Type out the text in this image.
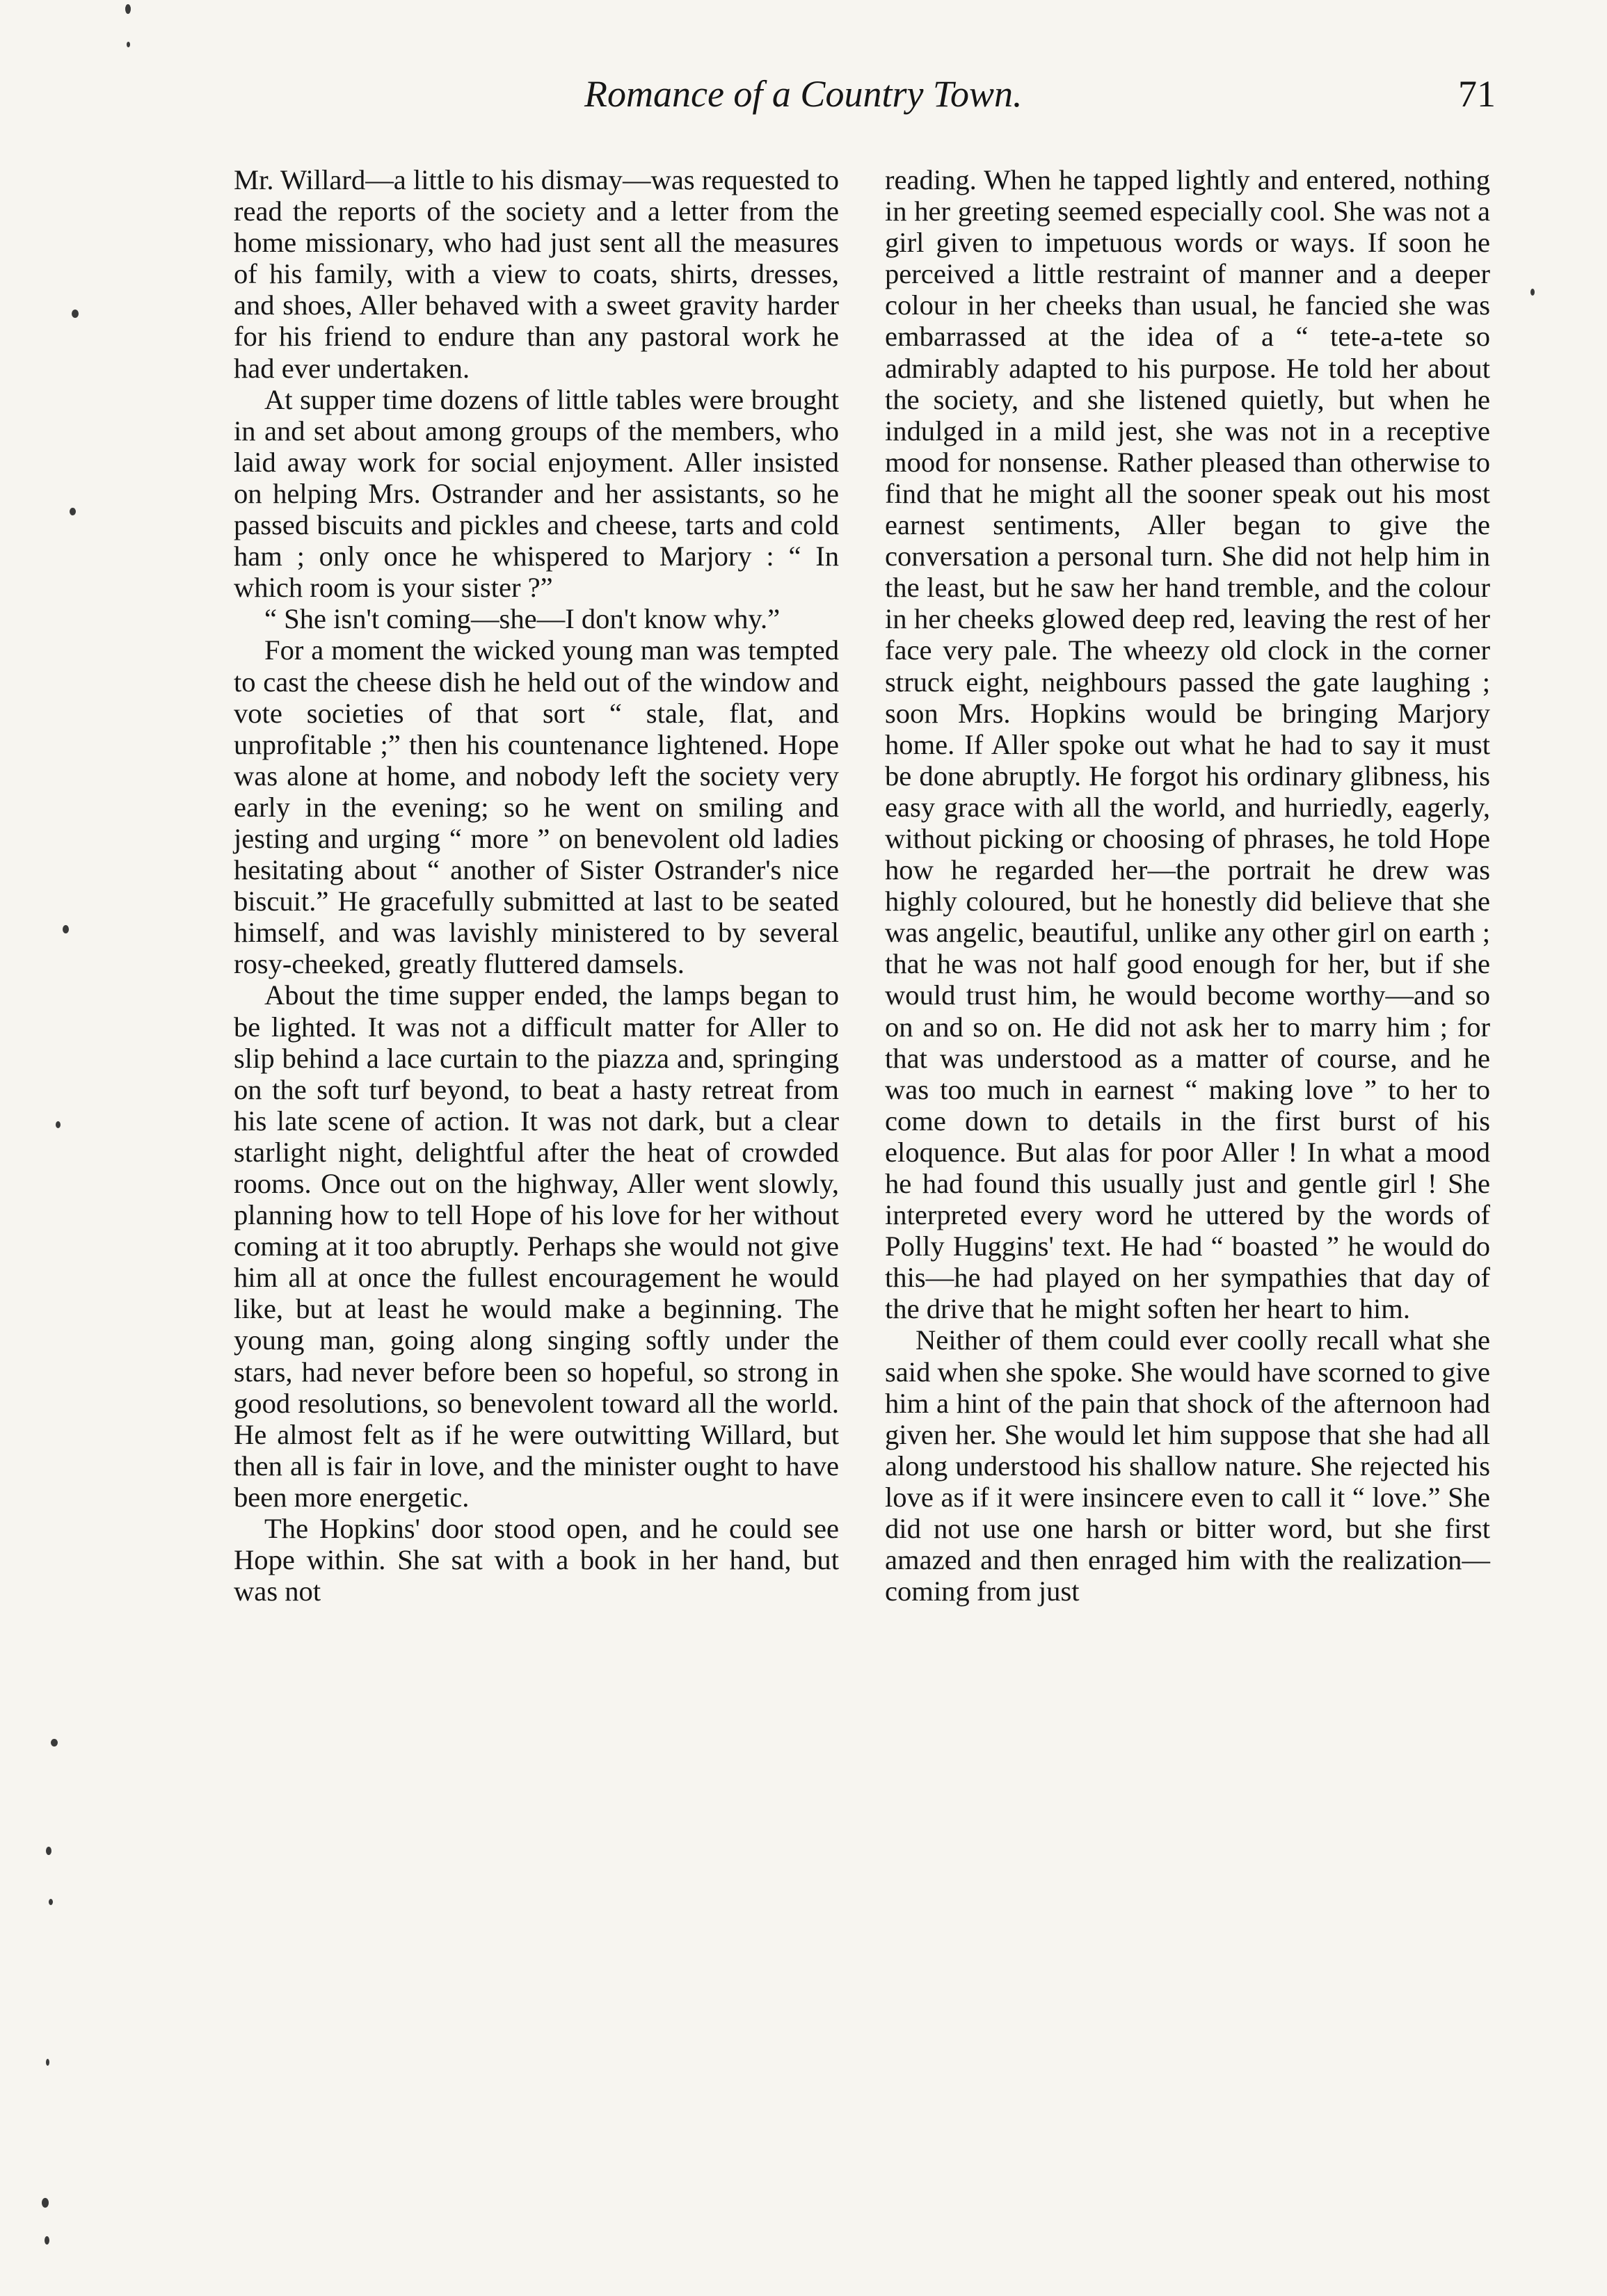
Romance of a Country Town.	71

Mr. Willard—a little to his dismay—was requested to read the reports of the society and a letter from the home missionary, who had just sent all the measures of his family, with a view to coats, shirts, dresses, and shoes, Aller behaved with a sweet gravity harder for his friend to endure than any pastoral work he had ever undertaken.

At supper time dozens of little tables were brought in and set about among groups of the members, who laid away work for social enjoyment. Aller insisted on helping Mrs. Ostrander and her assistants, so he passed biscuits and pickles and cheese, tarts and cold ham ; only once he whispered to Marjory : “ In which room is your sister ?”

“ She isn't coming—she—I don't know why.”

For a moment the wicked young man was tempted to cast the cheese dish he held out of the window and vote societies of that sort “ stale, flat, and unprofitable ;” then his countenance lightened. Hope was alone at home, and nobody left the society very early in the evening; so he went on smiling and jesting and urging “ more ” on benevolent old ladies hesitating about “ another of Sister Ostrander's nice biscuit.” He gracefully submitted at last to be seated himself, and was lavishly ministered to by several rosy-cheeked, greatly fluttered damsels.

About the time supper ended, the lamps began to be lighted. It was not a difficult matter for Aller to slip behind a lace curtain to the piazza and, springing on the soft turf beyond, to beat a hasty retreat from his late scene of action. It was not dark, but a clear starlight night, delightful after the heat of crowded rooms. Once out on the highway, Aller went slowly, planning how to tell Hope of his love for her without coming at it too abruptly. Perhaps she would not give him all at once the fullest encouragement he would like, but at least he would make a beginning. The young man, going along singing softly under the stars, had never before been so hopeful, so strong in good resolutions, so benevolent toward all the world. He almost felt as if he were outwitting Willard, but then all is fair in love, and the minister ought to have been more energetic.

The Hopkins' door stood open, and he could see Hope within. She sat with a book in her hand, but was not

reading. When he tapped lightly and entered, nothing in her greeting seemed especially cool. She was not a girl given to impetuous words or ways. If soon he perceived a little restraint of manner and a deeper colour in her cheeks than usual, he fancied she was embarrassed at the idea of a “ tete-a-tete so admirably adapted to his purpose. He told her about the society, and she listened quietly, but when he indulged in a mild jest, she was not in a receptive mood for nonsense. Rather pleased than otherwise to find that he might all the sooner speak out his most earnest sentiments, Aller began to give the conversation a personal turn. She did not help him in the least, but he saw her hand tremble, and the colour in her cheeks glowed deep red, leaving the rest of her face very pale. The wheezy old clock in the corner struck eight, neighbours passed the gate laughing ; soon Mrs. Hopkins would be bringing Marjory home. If Aller spoke out what he had to say it must be done abruptly. He forgot his ordinary glibness, his easy grace with all the world, and hurriedly, eagerly, without picking or choosing of phrases, he told Hope how he regarded her—the portrait he drew was highly coloured, but he honestly did believe that she was angelic, beautiful, unlike any other girl on earth ; that he was not half good enough for her, but if she would trust him, he would become worthy—and so on and so on. He did not ask her to marry him ; for that was understood as a matter of course, and he was too much in earnest “ making love ” to her to come down to details in the first burst of his eloquence. But alas for poor Aller ! In what a mood he had found this usually just and gentle girl ! She interpreted every word he uttered by the words of Polly Huggins' text. He had “ boasted ” he would do this—he had played on her sympathies that day of the drive that he might soften her heart to him.

Neither of them could ever coolly recall what she said when she spoke. She would have scorned to give him a hint of the pain that shock of the afternoon had given her. She would let him suppose that she had all along understood his shallow nature. She rejected his love as if it were insincere even to call it “ love.” She did not use one harsh or bitter word, but she first amazed and then enraged him with the realization—coming from just
